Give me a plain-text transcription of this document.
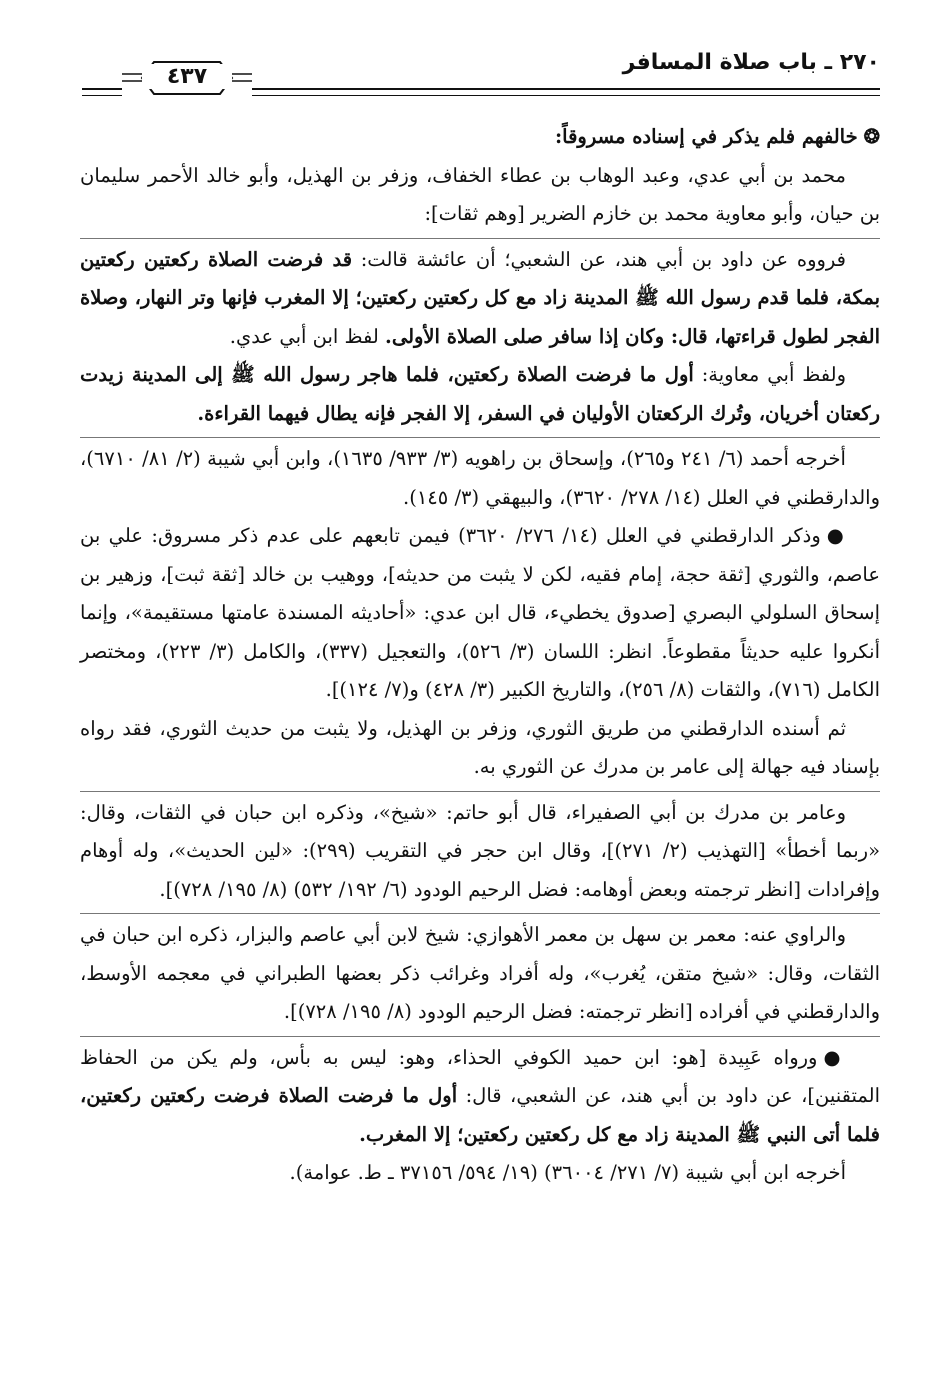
٢٧٠ ـ باب صلاة المسافر
٤٣٧

❂خالفهم فلم يذكر في إسناده مسروقاً:

محمد بن أبي عدي، وعبد الوهاب بن عطاء الخفاف، وزفر بن الهذيل، وأبو خالد الأحمر سليمان بن حيان، وأبو معاوية محمد بن خازم الضرير [وهم ثقات]:

فرووه عن داود بن أبي هند، عن الشعبي؛ أن عائشة قالت: قد فرضت الصلاة ركعتين ركعتين بمكة، فلما قدم رسول الله ﷺ المدينة زاد مع كل ركعتين ركعتين؛ إلا المغرب فإنها وتر النهار، وصلاة الفجر لطول قراءتها، قال: وكان إذا سافر صلى الصلاة الأولى. لفظ ابن أبي عدي.

ولفظ أبي معاوية: أول ما فرضت الصلاة ركعتين، فلما هاجر رسول الله ﷺ إلى المدينة زيدت ركعتان أخريان، وتُرك الركعتان الأوليان في السفر، إلا الفجر فإنه يطال فيهما القراءة.

أخرجه أحمد (٦/ ٢٤١ و٢٦٥)، وإسحاق بن راهويه (٣/ ٩٣٣/ ١٦٣٥)، وابن أبي شيبة (٢/ ٨١/ ٦٧١٠)، والدارقطني في العلل (١٤/ ٢٧٨/ ٣٦٢٠)، والبيهقي (٣/ ١٤٥).

●وذكر الدارقطني في العلل (١٤/ ٢٧٦/ ٣٦٢٠) فيمن تابعهم على عدم ذكر مسروق: علي بن عاصم، والثوري [ثقة حجة، إمام فقيه، لكن لا يثبت من حديثه]، ووهيب بن خالد [ثقة ثبت]، وزهير بن إسحاق السلولي البصري [صدوق يخطيء، قال ابن عدي: «أحاديثه المسندة عامتها مستقيمة»، وإنما أنكروا عليه حديثاً مقطوعاً. انظر: اللسان (٣/ ٥٢٦)، والتعجيل (٣٣٧)، والكامل (٣/ ٢٢٣)، ومختصر الكامل (٧١٦)، والثقات (٨/ ٢٥٦)، والتاريخ الكبير (٣/ ٤٢٨) و(٧/ ١٢٤)].

ثم أسنده الدارقطني من طريق الثوري، وزفر بن الهذيل، ولا يثبت من حديث الثوري، فقد رواه بإسناد فيه جهالة إلى عامر بن مدرك عن الثوري به.

وعامر بن مدرك بن أبي الصفيراء، قال أبو حاتم: «شيخ»، وذكره ابن حبان في الثقات، وقال: «ربما أخطأ» [التهذيب (٢/ ٢٧١)]، وقال ابن حجر في التقريب (٢٩٩): «لين الحديث»، وله أوهام وإفرادات [انظر ترجمته وبعض أوهامه: فضل الرحيم الودود (٦/ ١٩٢/ ٥٣٢) (٨/ ١٩٥/ ٧٢٨)].

والراوي عنه: معمر بن سهل بن معمر الأهوازي: شيخ لابن أبي عاصم والبزار، ذكره ابن حبان في الثقات، وقال: «شيخ متقن، يُغرب»، وله أفراد وغرائب ذكر بعضها الطبراني في معجمه الأوسط، والدارقطني في أفراده [انظر ترجمته: فضل الرحيم الودود (٨/ ١٩٥/ ٧٢٨)].

●ورواه عَبِيدة [هو: ابن حميد الكوفي الحذاء، وهو: ليس به بأس، ولم يكن من الحفاظ المتقنين]، عن داود بن أبي هند، عن الشعبي، قال: أول ما فرضت الصلاة فرضت ركعتين ركعتين، فلما أتى النبي ﷺ المدينة زاد مع كل ركعتين ركعتين؛ إلا المغرب.

أخرجه ابن أبي شيبة (٧/ ٢٧١/ ٣٦٠٠٤) (١٩/ ٥٩٤/ ٣٧١٥٦ ـ ط. عوامة).
